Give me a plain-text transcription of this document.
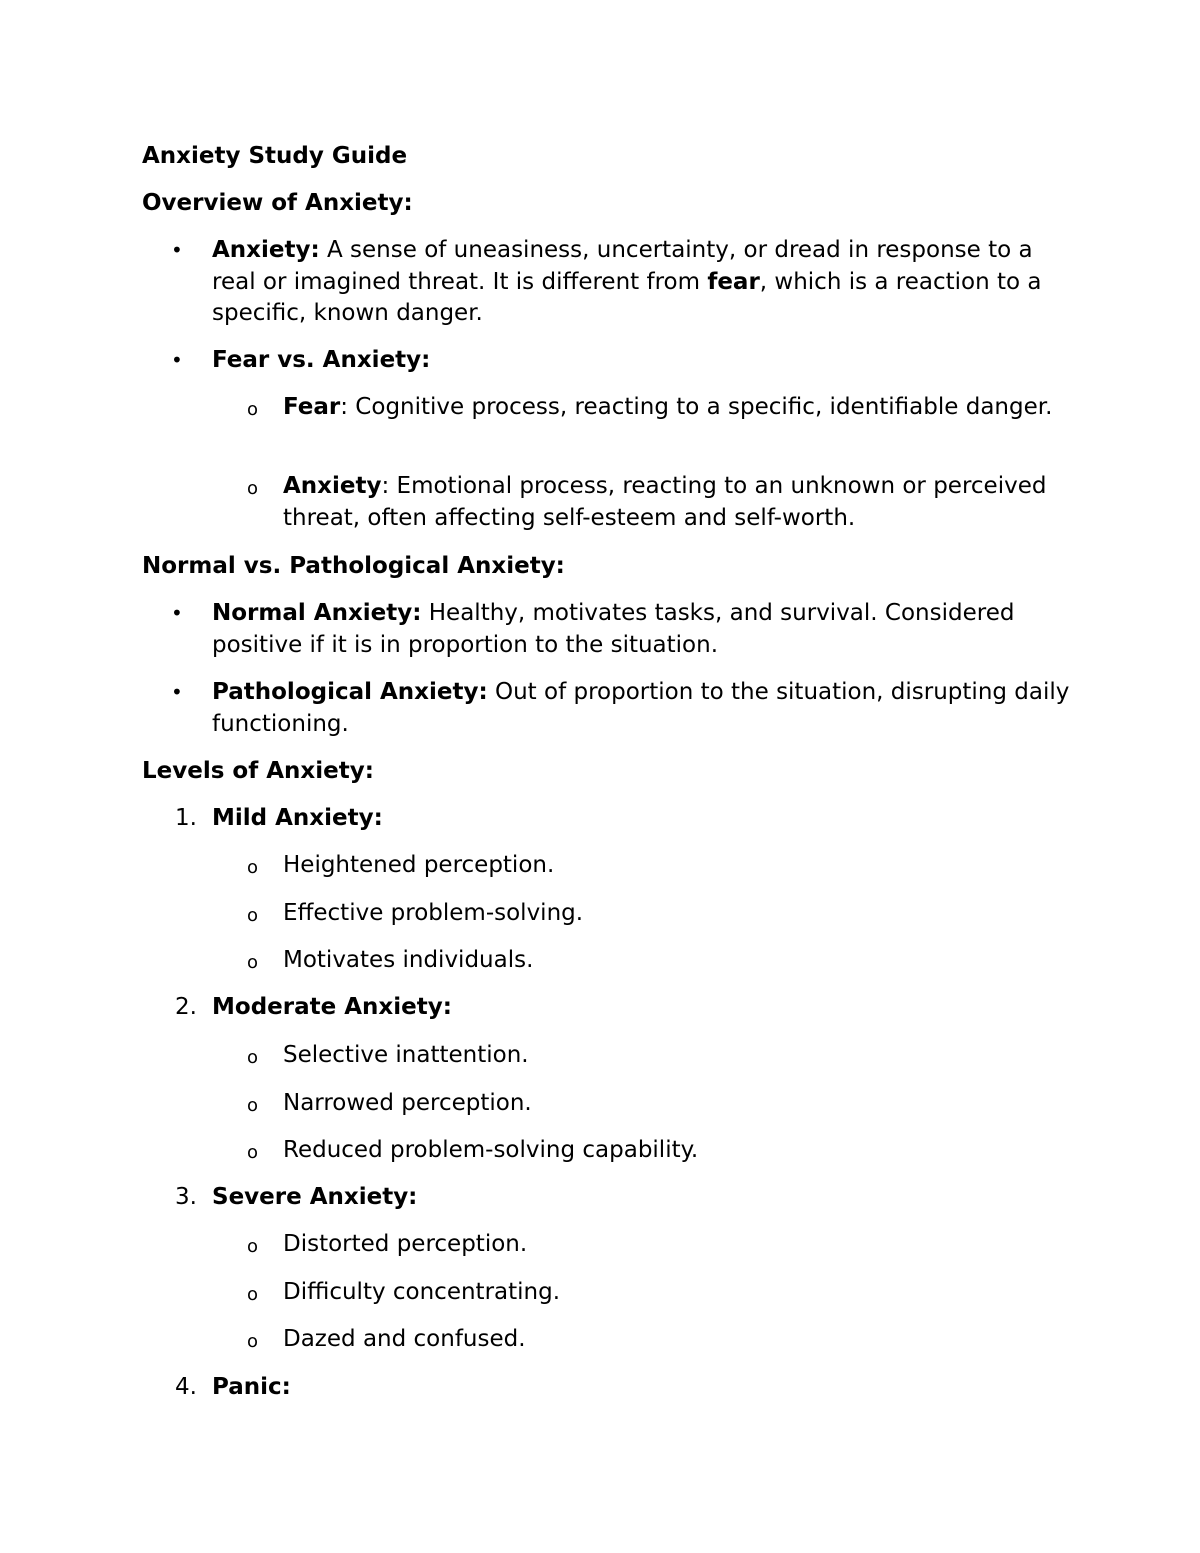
Anxiety Study Guide
Overview of Anxiety:
• Anxiety: A sense of uneasiness, uncertainty, or dread in response to a real or imagined threat. It is different from fear, which is a reaction to a specific, known danger.
• Fear vs. Anxiety:
o Fear: Cognitive process, reacting to a specific, identifiable danger.
o Anxiety: Emotional process, reacting to an unknown or perceived threat, often affecting self-esteem and self-worth.
Normal vs. Pathological Anxiety:
• Normal Anxiety: Healthy, motivates tasks, and survival. Considered positive if it is in proportion to the situation.
• Pathological Anxiety: Out of proportion to the situation, disrupting daily functioning.
Levels of Anxiety:
1. Mild Anxiety:
o Heightened perception.
o Effective problem-solving.
o Motivates individuals.
2. Moderate Anxiety:
o Selective inattention.
o Narrowed perception.
o Reduced problem-solving capability.
3. Severe Anxiety:
o Distorted perception.
o Difficulty concentrating.
o Dazed and confused.
4. Panic:
